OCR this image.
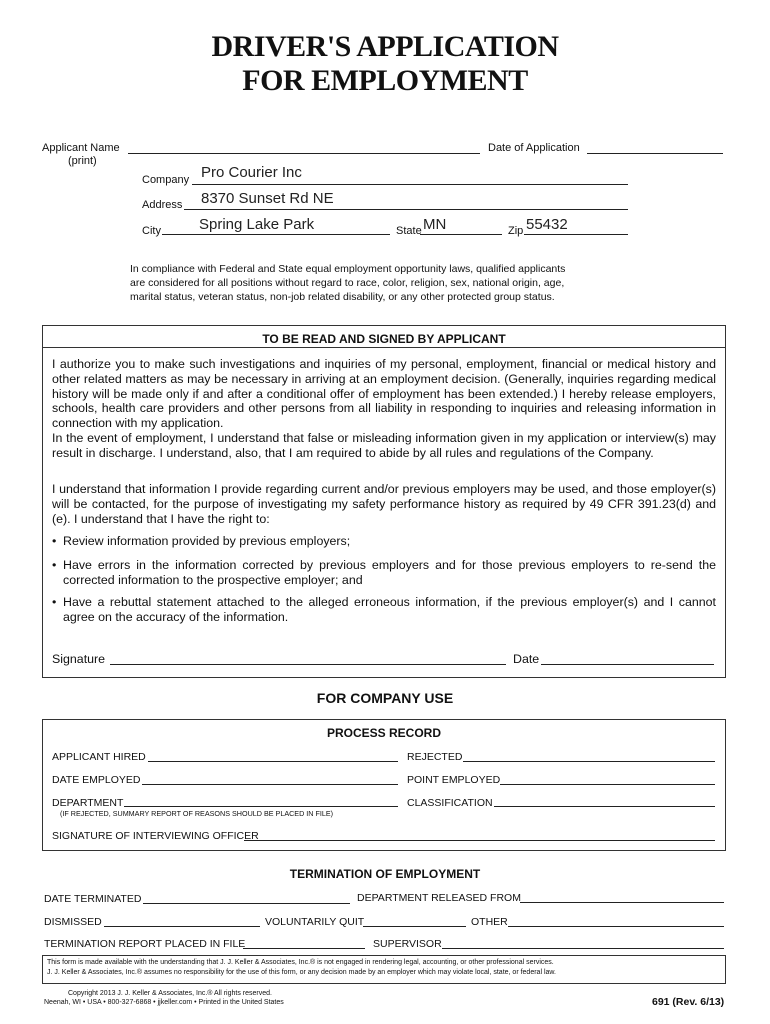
DRIVER'S APPLICATION
FOR EMPLOYMENT
Applicant Name
(print)
Date of Application
Company Pro Courier Inc
Address 8370 Sunset Rd NE
City	Spring Lake Park	State MN	Zip 55432
In compliance with Federal and State equal employment opportunity laws, qualified applicants
are considered for all positions without regard to race, color, religion, sex, national origin, age,
marital status, veteran status, non-job related disability, or any other protected group status.
TO BE READ AND SIGNED BY APPLICANT
I authorize you to make such investigations and inquiries of my personal, employment, financial or medical history and other related matters as may be necessary in arriving at an employment decision. (Generally, inquiries regarding medical history will be made only if and after a conditional offer of employment has been extended.) I hereby release employers, schools, health care providers and other persons from all liability in responding to inquiries and releasing information in connection with my application.
In the event of employment, I understand that false or misleading information given in my application or interview(s) may result in discharge. I understand, also, that I am required to abide by all rules and regulations of the Company.
I understand that information I provide regarding current and/or previous employers may be used, and those employer(s) will be contacted, for the purpose of investigating my safety performance history as required by 49 CFR 391.23(d) and (e). I understand that I have the right to:
• Review information provided by previous employers;
• Have errors in the information corrected by previous employers and for those previous employers to re-send the corrected information to the prospective employer; and
• Have a rebuttal statement attached to the alleged erroneous information, if the previous employer(s) and I cannot agree on the accuracy of the information.
Signature	Date
FOR COMPANY USE
PROCESS RECORD
APPLICANT HIRED	REJECTED
DATE EMPLOYED	POINT EMPLOYED
DEPARTMENT	CLASSIFICATION
(IF REJECTED, SUMMARY REPORT OF REASONS SHOULD BE PLACED IN FILE)
SIGNATURE OF INTERVIEWING OFFICER
TERMINATION OF EMPLOYMENT
DATE TERMINATED	DEPARTMENT RELEASED FROM
DISMISSED	VOLUNTARILY QUIT	OTHER
TERMINATION REPORT PLACED IN FILE	SUPERVISOR
This form is made available with the understanding that J. J. Keller & Associates, Inc.® is not engaged in rendering legal, accounting, or other professional services.
J. J. Keller & Associates, Inc.® assumes no responsibility for the use of this form, or any decision made by an employer which may violate local, state, or federal law.
Copyright 2013 J. J. Keller & Associates, Inc.® All rights reserved.
Neenah, WI • USA • 800-327-6868 • jjkeller.com • Printed in the United States	691 (Rev. 6/13)
